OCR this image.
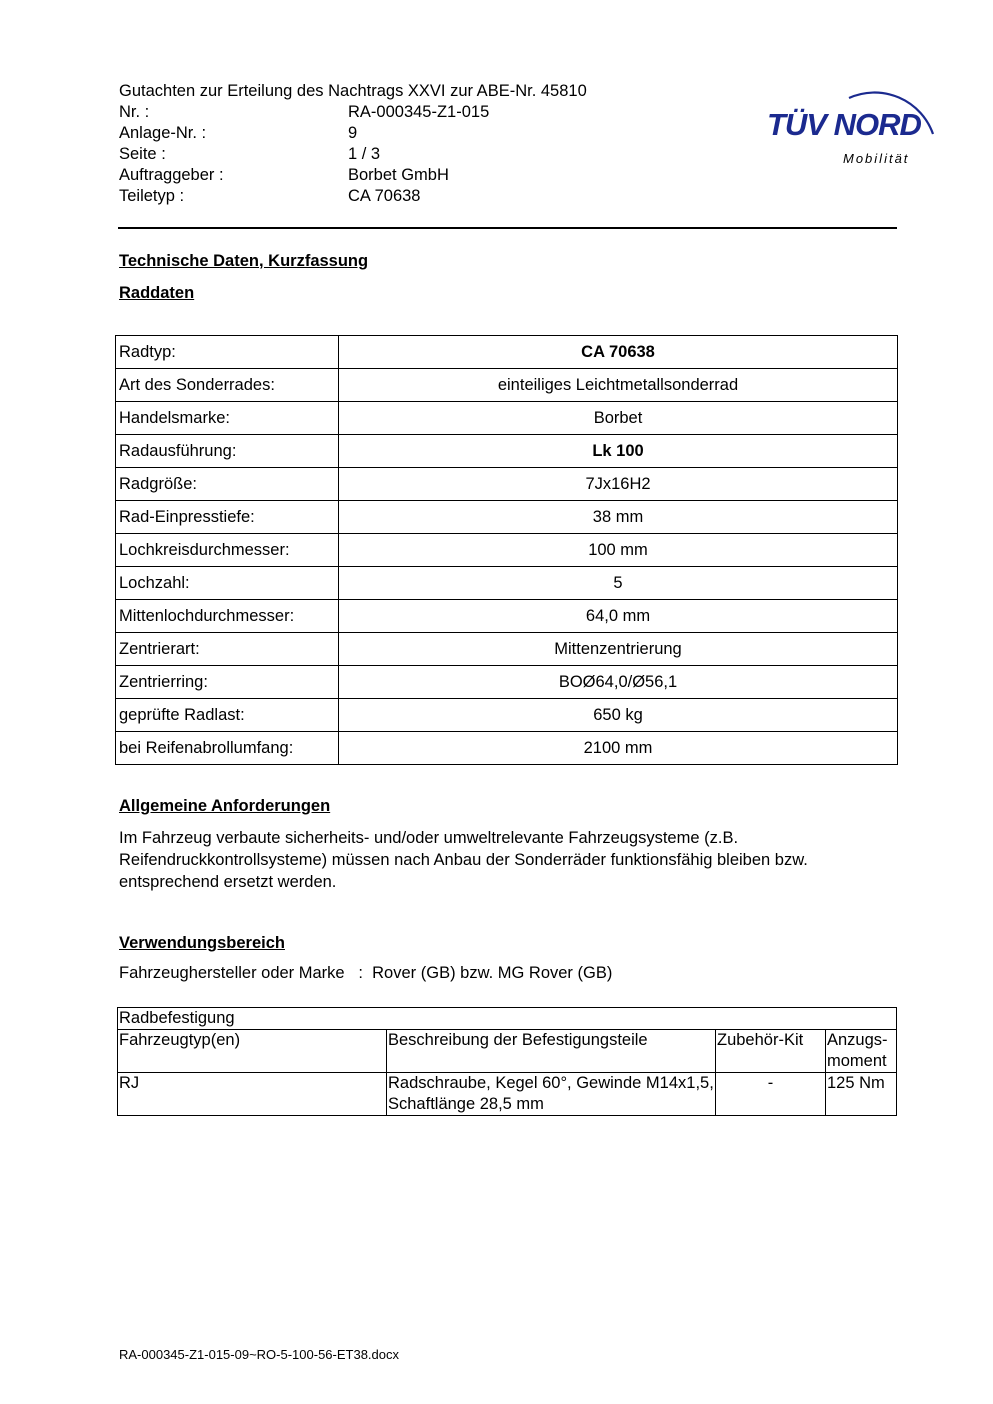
Gutachten zur Erteilung des Nachtrags XXVI zur ABE-Nr. 45810
Nr. :	RA-000345-Z1-015
Anlage-Nr. :	9
Seite :	1 / 3
Auftraggeber :	Borbet GmbH
Teiletyp :	CA 70638
TÜV NORD
Mobilität
Technische Daten, Kurzfassung
Raddaten
Radtyp:	CA 70638
Art des Sonderrades:	einteiliges Leichtmetallsonderrad
Handelsmarke:	Borbet
Radausführung:	Lk 100
Radgröße:	7Jx16H2
Rad-Einpresstiefe:	38 mm
Lochkreisdurchmesser:	100 mm
Lochzahl:	5
Mittenlochdurchmesser:	64,0 mm
Zentrierart:	Mittenzentrierung
Zentrierring:	BOØ64,0/Ø56,1
geprüfte Radlast:	650 kg
bei Reifenabrollumfang:	2100 mm
Allgemeine Anforderungen
Im Fahrzeug verbaute sicherheits- und/oder umweltrelevante Fahrzeugsysteme (z.B. Reifendruckkontrollsysteme) müssen nach Anbau der Sonderräder funktionsfähig bleiben bzw. entsprechend ersetzt werden.
Verwendungsbereich
Fahrzeughersteller oder Marke : Rover (GB) bzw. MG Rover (GB)
Radbefestigung			
Fahrzeugtyp(en)	Beschreibung der Befestigungsteile	Zubehör-Kit	Anzugs-moment
RJ	Radschraube, Kegel 60°, Gewinde M14x1,5, Schaftlänge 28,5 mm	-	125 Nm
RA-000345-Z1-015-09~RO-5-100-56-ET38.docx
